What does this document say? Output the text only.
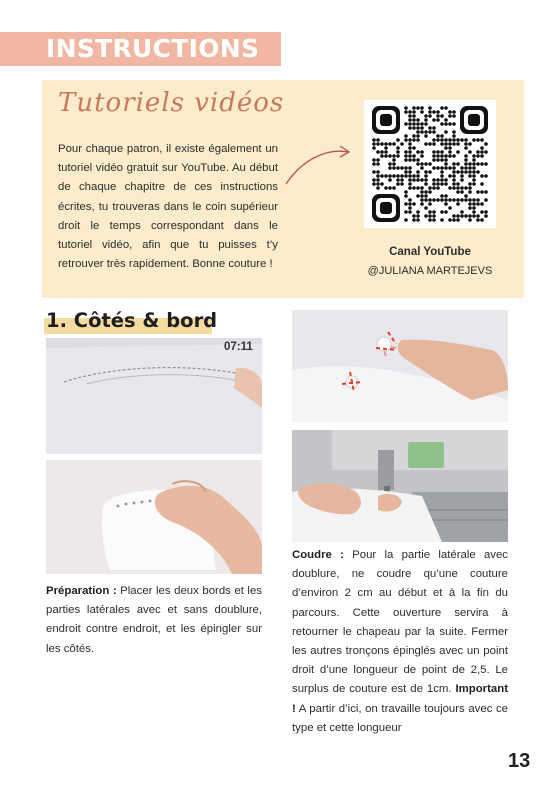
INSTRUCTIONS
Tutoriels vidéos
Pour chaque patron, il existe également un tutoriel vidéo gratuit sur YouTube. Au début de chaque chapitre de ces instructions écrites, tu trouveras dans le coin supérieur droit le temps correspondant dans le tutoriel vidéo, afin que tu puisses t’y retrouver très rapidement. Bonne couture !
Canal YouTube
@JULIANA MARTEJEVS
1. Côtés & bord
07:11
Préparation : Placer les deux bords et les parties latérales avec et sans doublure, endroit contre endroit, et les épingler sur les côtés.
Coudre : Pour la partie latérale avec doublure, ne coudre qu’une couture d’environ 2 cm au début et à la fin du parcours. Cette ouverture servira à retourner le chapeau par la suite. Fermer les autres tronçons épinglés avec un point droit d’une longueur de point de 2,5. Le surplus de couture est de 1cm. Important ! A partir d’ici, on travaille toujours avec ce type et cette longueur
13
